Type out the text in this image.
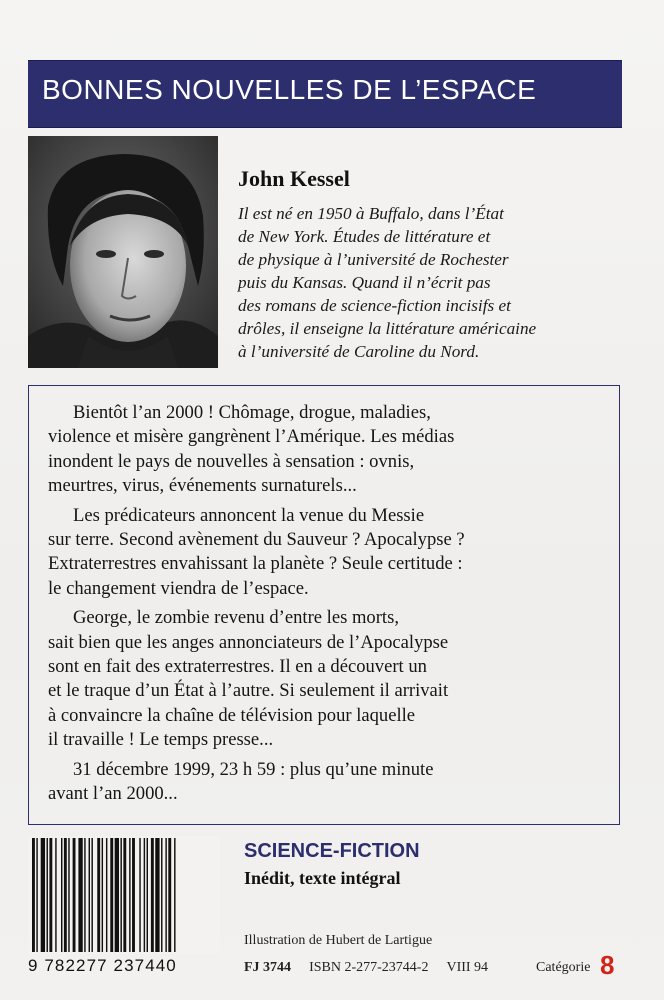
BONNES NOUVELLES DE L’ESPACE
John Kessel

Il est né en 1950 à Buffalo, dans l’État

de New York. Études de littérature et

de physique à l’université de Rochester

puis du Kansas. Quand il n’écrit pas

des romans de science-fiction incisifs et

drôles, il enseigne la littérature américaine

à l’université de Caroline du Nord.

Bientôt l’an 2000 ! Chômage, drogue, maladies,
violence et misère gangrènent l’Amérique. Les médias
inondent le pays de nouvelles à sensation : ovnis,
meurtres, virus, événements surnaturels...
Les prédicateurs annoncent la venue du Messie
sur terre. Second avènement du Sauveur ? Apocalypse ?
Extraterrestres envahissant la planète ? Seule certitude :
le changement viendra de l’espace.
George, le zombie revenu d’entre les morts,
sait bien que les anges annonciateurs de l’Apocalypse
sont en fait des extraterrestres. Il en a découvert un
et le traque d’un État à l’autre. Si seulement il arrivait
à convaincre la chaîne de télévision pour laquelle
il travaille ! Le temps presse...
31 décembre 1999, 23 h 59 : plus qu’une minute
avant l’an 2000...
9 782277 237440
SCIENCE-FICTION
Inédit, texte intégral
Illustration de Hubert de Lartigue
FJ 3744 ISBN 2-277-23744-2 VIII 94	Catégorie 8
